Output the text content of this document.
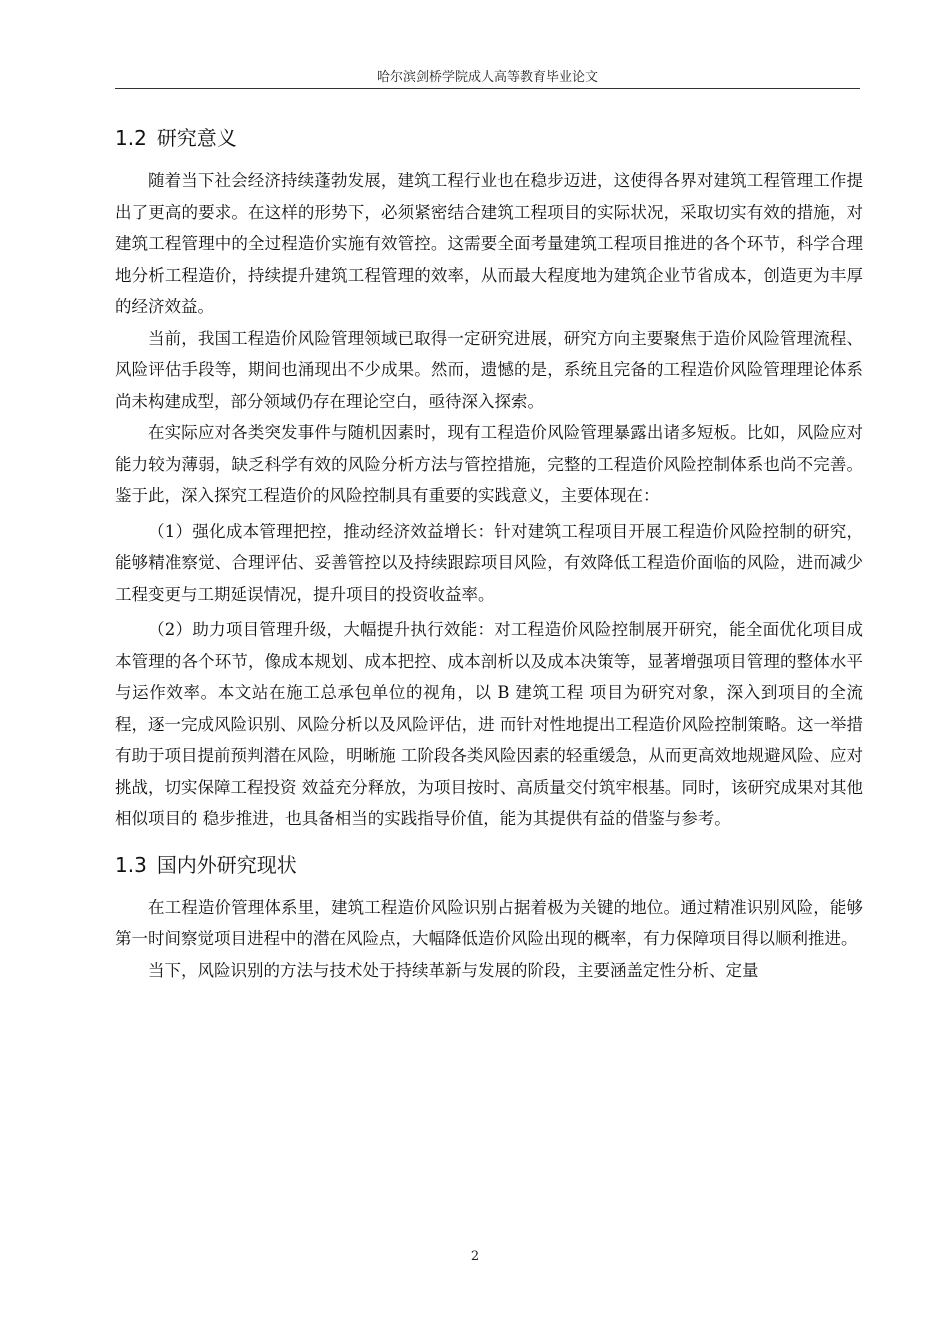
哈尔滨剑桥学院成人高等教育毕业论文
1.2 研究意义

随着当下社会经济持续蓬勃发展，建筑工程行业也在稳步迈进，这使得各界对建筑工程管理工作提出了更高的要求。在这样的形势下，必须紧密结合建筑工程项目的实际状况，采取切实有效的措施，对建筑工程管理中的全过程造价实施有效管控。这需要全面考量建筑工程项目推进的各个环节，科学合理地分析工程造价，持续提升建筑工程管理的效率，从而最大程度地为建筑企业节省成本，创造更为丰厚的经济效益。

当前，我国工程造价风险管理领域已取得一定研究进展，研究方向主要聚焦于造价风险管理流程、风险评估手段等，期间也涌现出不少成果。然而，遗憾的是，系统且完备的工程造价风险管理理论体系尚未构建成型，部分领域仍存在理论空白，亟待深入探索。

在实际应对各类突发事件与随机因素时，现有工程造价风险管理暴露出诸多短板。比如，风险应对能力较为薄弱，缺乏科学有效的风险分析方法与管控措施，完整的工程造价风险控制体系也尚不完善。鉴于此，深入探究工程造价的风险控制具有重要的实践意义，主要体现在：

（1）强化成本管理把控，推动经济效益增长：针对建筑工程项目开展工程造价风险控制的研究，能够精准察觉、合理评估、妥善管控以及持续跟踪项目风险，有效降低工程造价面临的风险，进而减少工程变更与工期延误情况，提升项目的投资收益率。

（2）助力项目管理升级，大幅提升执行效能：对工程造价风险控制展开研究，能全面优化项目成本管理的各个环节，像成本规划、成本把控、成本剖析以及成本决策等，显著增强项目管理的整体水平与运作效率。本文站在施工总承包单位的视角，以 B 建筑工程 项目为研究对象，深入到项目的全流程，逐一完成风险识别、风险分析以及风险评估，进 而针对性地提出工程造价风险控制策略。这一举措有助于项目提前预判潜在风险，明晰施 工阶段各类风险因素的轻重缓急，从而更高效地规避风险、应对挑战，切实保障工程投资 效益充分释放，为项目按时、高质量交付筑牢根基。同时，该研究成果对其他相似项目的 稳步推进，也具备相当的实践指导价值，能为其提供有益的借鉴与参考。

1.3 国内外研究现状

在工程造价管理体系里，建筑工程造价风险识别占据着极为关键的地位。通过精准识别风险，能够第一时间察觉项目进程中的潜在风险点，大幅降低造价风险出现的概率，有力保障项目得以顺利推进。

当下，风险识别的方法与技术处于持续革新与发展的阶段，主要涵盖定性分析、定量

2
